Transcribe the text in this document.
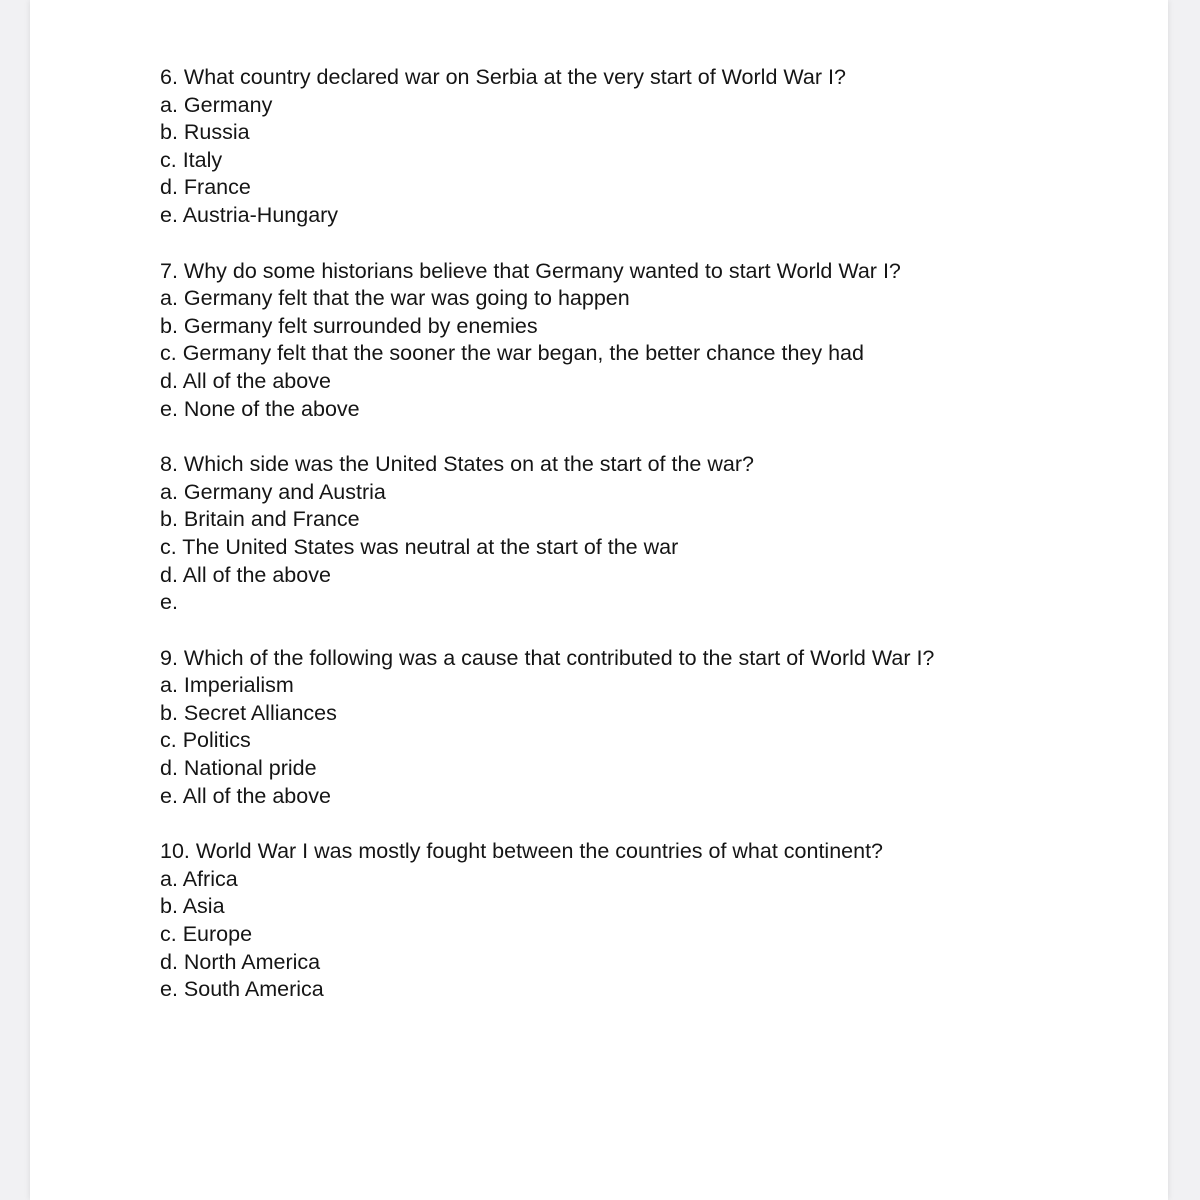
6. What country declared war on Serbia at the very start of World War I?
a. Germany
b. Russia
c. Italy
d. France
e. Austria-Hungary
7. Why do some historians believe that Germany wanted to start World War I?
a. Germany felt that the war was going to happen
b. Germany felt surrounded by enemies
c. Germany felt that the sooner the war began, the better chance they had
d. All of the above
e. None of the above
8. Which side was the United States on at the start of the war?
a. Germany and Austria
b. Britain and France
c. The United States was neutral at the start of the war
d. All of the above
e.
9. Which of the following was a cause that contributed to the start of World War I?
a. Imperialism
b. Secret Alliances
c. Politics
d. National pride
e. All of the above
10. World War I was mostly fought between the countries of what continent?
a. Africa
b. Asia
c. Europe
d. North America
e. South America
